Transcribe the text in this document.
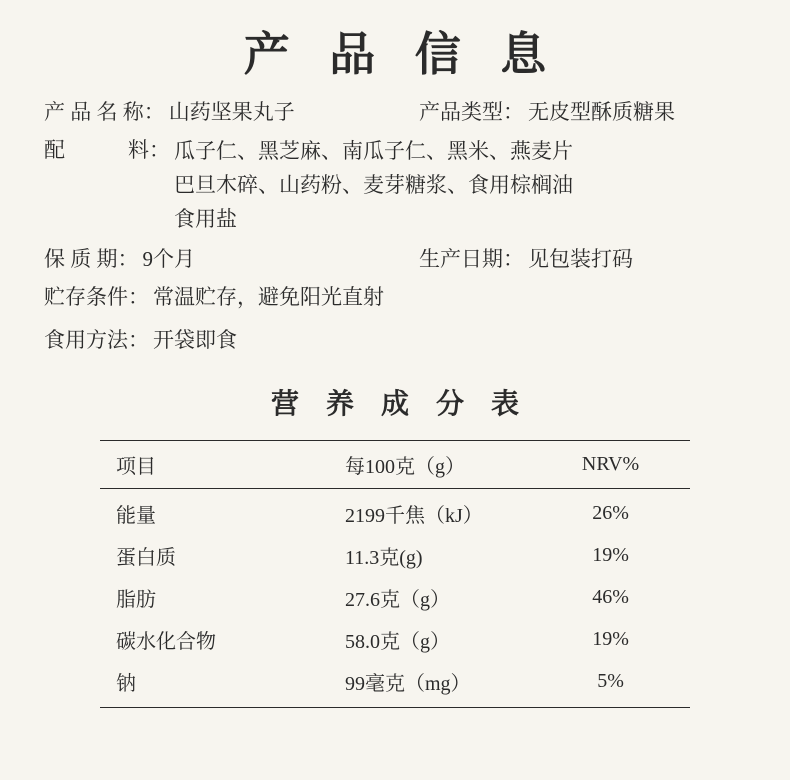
产 品 信 息
产 品 名 称： 山药坚果丸子	产品类型： 无皮型酥质糖果
配　　　料： 瓜子仁、黑芝麻、南瓜子仁、黑米、燕麦片
巴旦木碎、山药粉、麦芽糖浆、食用棕榈油
食用盐
保 质 期： 9个月	生产日期： 见包装打码
贮存条件： 常温贮存，避免阳光直射
食用方法： 开袋即食
营 养 成 分 表
项目	每100克（g）	NRV%
能量	2199千焦（kJ）	26%
蛋白质	11.3克(g)	19%
脂肪	27.6克（g）	46%
碳水化合物	58.0克（g）	19%
钠	99毫克（mg）	5%
